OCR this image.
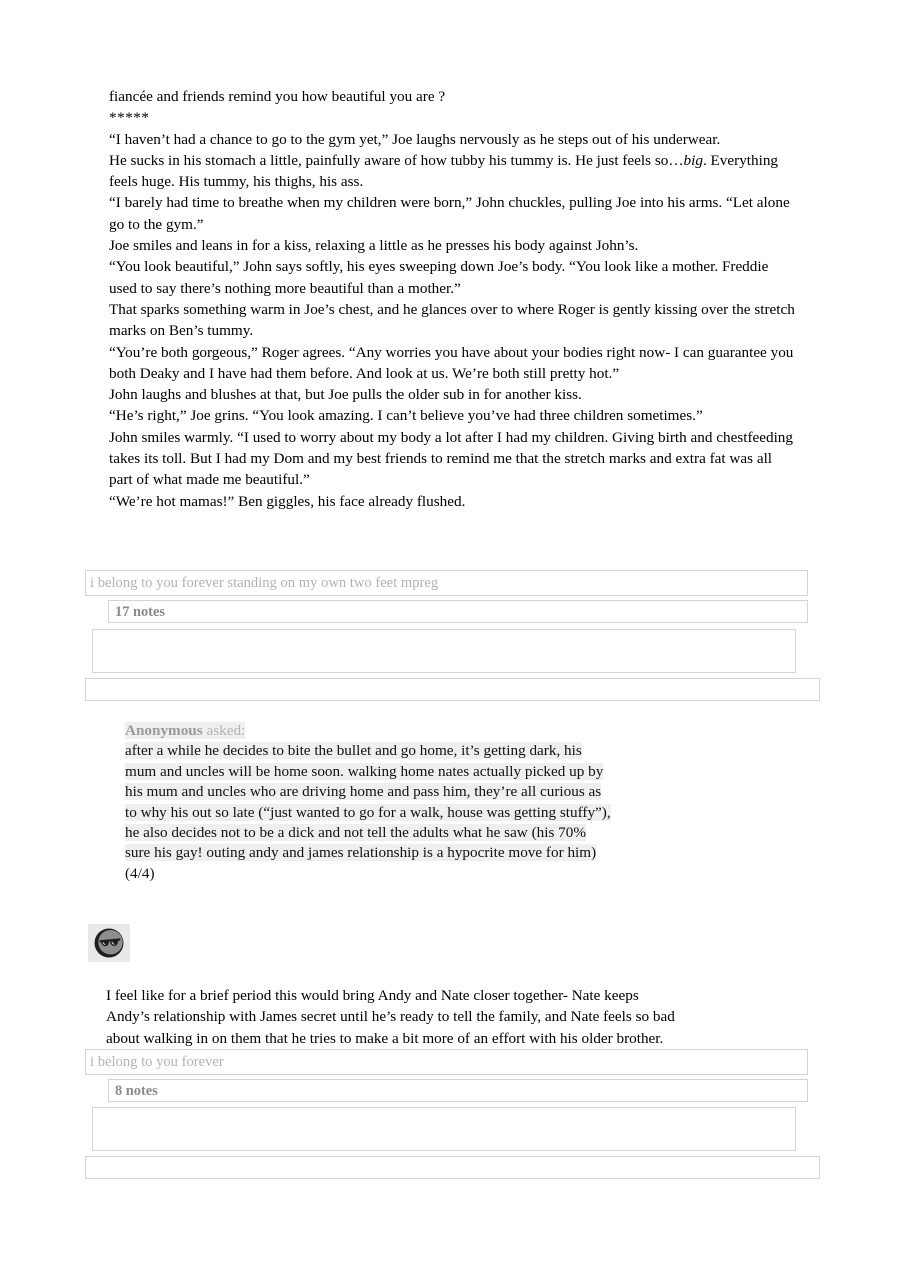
fiancée and friends remind you how beautiful you are ?

*****

“I haven’t had a chance to go to the gym yet,” Joe laughs nervously as he steps out of his underwear.

He sucks in his stomach a little, painfully aware of how tubby his tummy is. He just feels so…big. Everything feels huge. His tummy, his thighs, his ass.

“I barely had time to breathe when my children were born,” John chuckles, pulling Joe into his arms. “Let alone go to the gym.”

Joe smiles and leans in for a kiss, relaxing a little as he presses his body against John’s.

“You look beautiful,” John says softly, his eyes sweeping down Joe’s body. “You look like a mother. Freddie used to say there’s nothing more beautiful than a mother.”

That sparks something warm in Joe’s chest, and he glances over to where Roger is gently kissing over the stretch marks on Ben’s tummy.

“You’re both gorgeous,” Roger agrees. “Any worries you have about your bodies right now- I can guarantee you both Deaky and I have had them before. And look at us. We’re both still pretty hot.”

John laughs and blushes at that, but Joe pulls the older sub in for another kiss.

“He’s right,” Joe grins. “You look amazing. I can’t believe you’ve had three children sometimes.”

John smiles warmly. “I used to worry about my body a lot after I had my children. Giving birth and chestfeeding takes its toll. But I had my Dom and my best friends to remind me that the stretch marks and extra fat was all part of what made me beautiful.”

“We’re hot mamas!” Ben giggles, his face already flushed.

i belong to you forever standing on my own two feet mpreg
17 notes

Anonymous asked:

after a while he decides to bite the bullet and go home, it’s getting dark, his

mum and uncles will be home soon. walking home nates actually picked up by

his mum and uncles who are driving home and pass him, they’re all curious as

to why his out so late (“just wanted to go for a walk, house was getting stuffy”),

he also decides not to be a dick and not tell the adults what he saw (his 70%

sure his gay! outing andy and james relationship is a hypocrite move for him)

(4/4)

I feel like for a brief period this would bring Andy and Nate closer together- Nate keeps

Andy’s relationship with James secret until he’s ready to tell the family, and Nate feels so bad

about walking in on them that he tries to make a bit more of an effort with his older brother.

i belong to you forever
8 notes
